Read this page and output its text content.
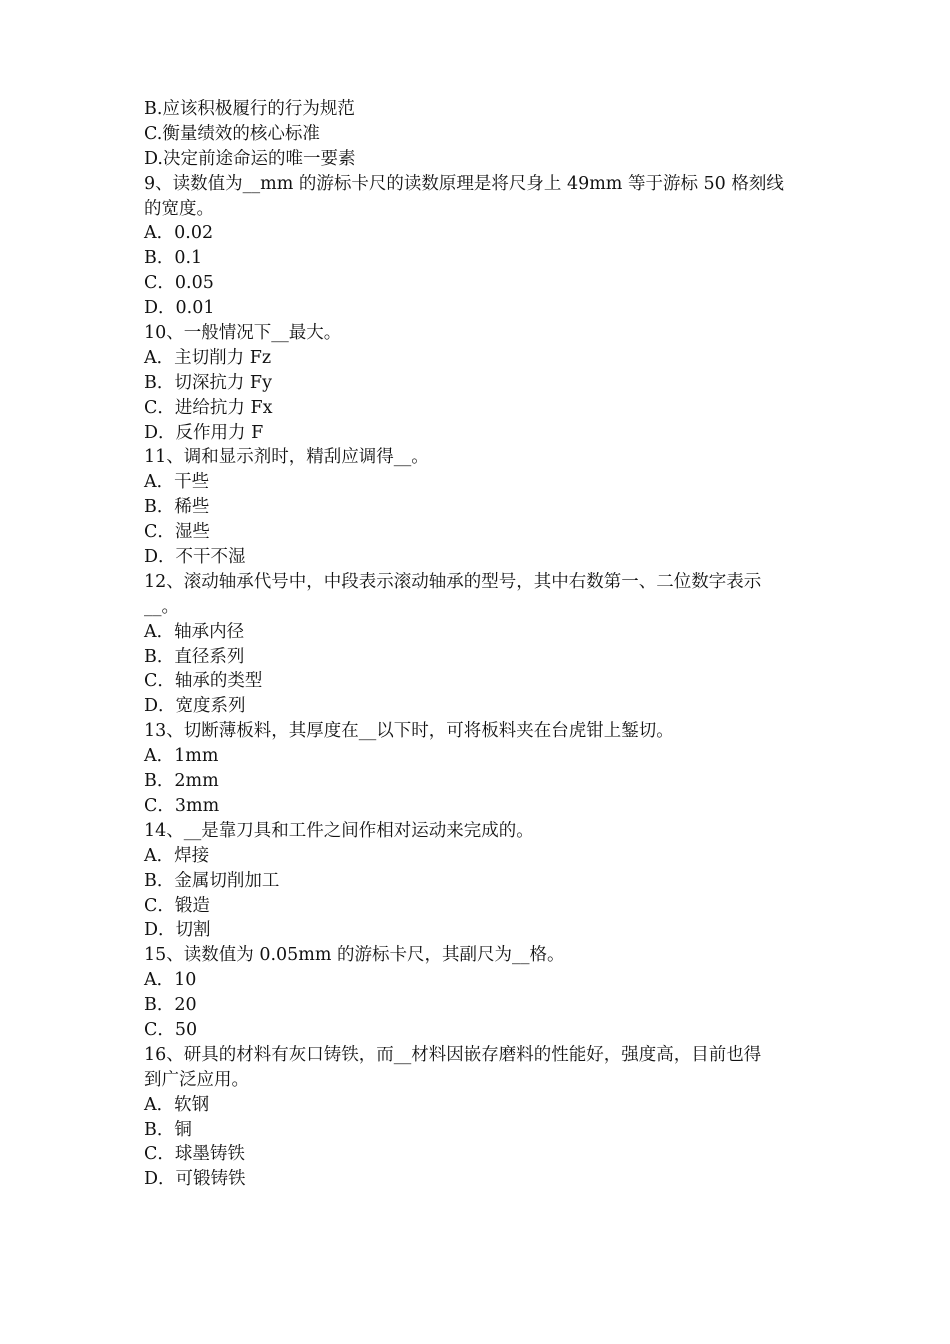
B.应该积极履行的行为规范
C.衡量绩效的核心标准
D.决定前途命运的唯一要素
9、读数值为__mm 的游标卡尺的读数原理是将尺身上 49mm 等于游标 50 格刻线
的宽度。
A．0.02
B．0.1
C．0.05
D．0.01
10、一般情况下__最大。
A．主切削力 Fz
B．切深抗力 Fy
C．进给抗力 Fx
D．反作用力 F
11、调和显示剂时，精刮应调得__。
A．干些
B．稀些
C．湿些
D．不干不湿
12、滚动轴承代号中，中段表示滚动轴承的型号，其中右数第一、二位数字表示
__。
A．轴承内径
B．直径系列
C．轴承的类型
D．宽度系列
13、切断薄板料，其厚度在__以下时，可将板料夹在台虎钳上錾切。
A．1mm
B．2mm
C．3mm
14、__是靠刀具和工件之间作相对运动来完成的。
A．焊接
B．金属切削加工
C．锻造
D．切割
15、读数值为 0.05mm 的游标卡尺，其副尺为__格。
A．10
B．20
C．50
16、研具的材料有灰口铸铁，而__材料因嵌存磨料的性能好，强度高，目前也得
到广泛应用。
A．软钢
B．铜
C．球墨铸铁
D．可锻铸铁
